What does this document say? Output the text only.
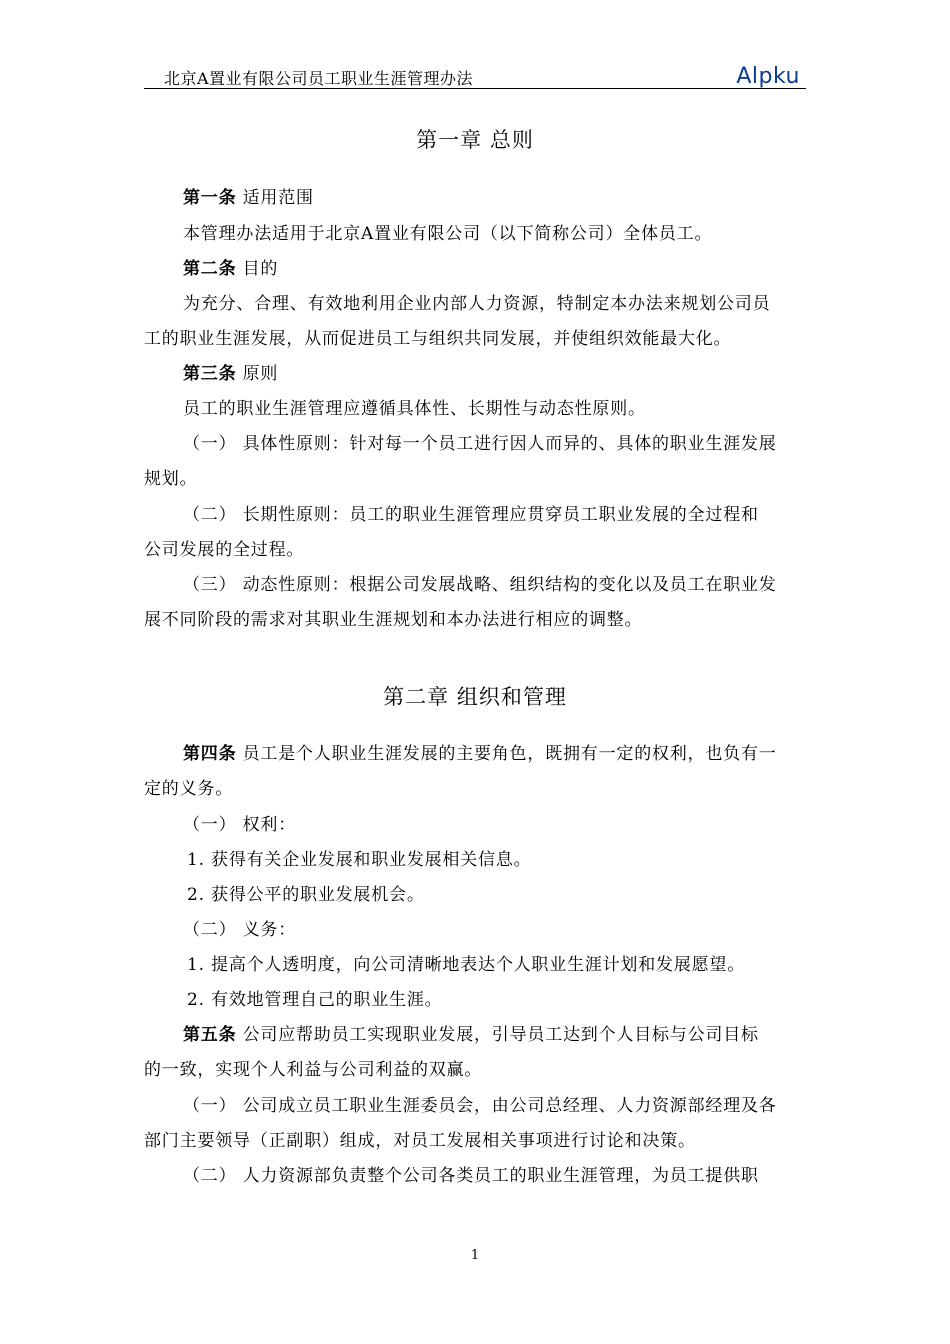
北京A置业有限公司员工职业生涯管理办法	Alpku
第一章 总则
第一条 适用范围
本管理办法适用于北京A置业有限公司（以下简称公司）全体员工。
第二条 目的
为充分、合理、有效地利用企业内部人力资源，特制定本办法来规划公司员
工的职业生涯发展，从而促进员工与组织共同发展，并使组织效能最大化。
第三条 原则
员工的职业生涯管理应遵循具体性、长期性与动态性原则。
（一） 具体性原则：针对每一个员工进行因人而异的、具体的职业生涯发展
规划。
（二） 长期性原则：员工的职业生涯管理应贯穿员工职业发展的全过程和
公司发展的全过程。
（三） 动态性原则：根据公司发展战略、组织结构的变化以及员工在职业发
展不同阶段的需求对其职业生涯规划和本办法进行相应的调整。
第二章 组织和管理
第四条 员工是个人职业生涯发展的主要角色，既拥有一定的权利，也负有一
定的义务。
（一） 权利：
1. 获得有关企业发展和职业发展相关信息。
2. 获得公平的职业发展机会。
（二） 义务：
1. 提高个人透明度，向公司清晰地表达个人职业生涯计划和发展愿望。
2. 有效地管理自己的职业生涯。
第五条 公司应帮助员工实现职业发展，引导员工达到个人目标与公司目标
的一致，实现个人利益与公司利益的双赢。
（一） 公司成立员工职业生涯委员会，由公司总经理、人力资源部经理及各
部门主要领导（正副职）组成，对员工发展相关事项进行讨论和决策。
（二） 人力资源部负责整个公司各类员工的职业生涯管理，为员工提供职
1
